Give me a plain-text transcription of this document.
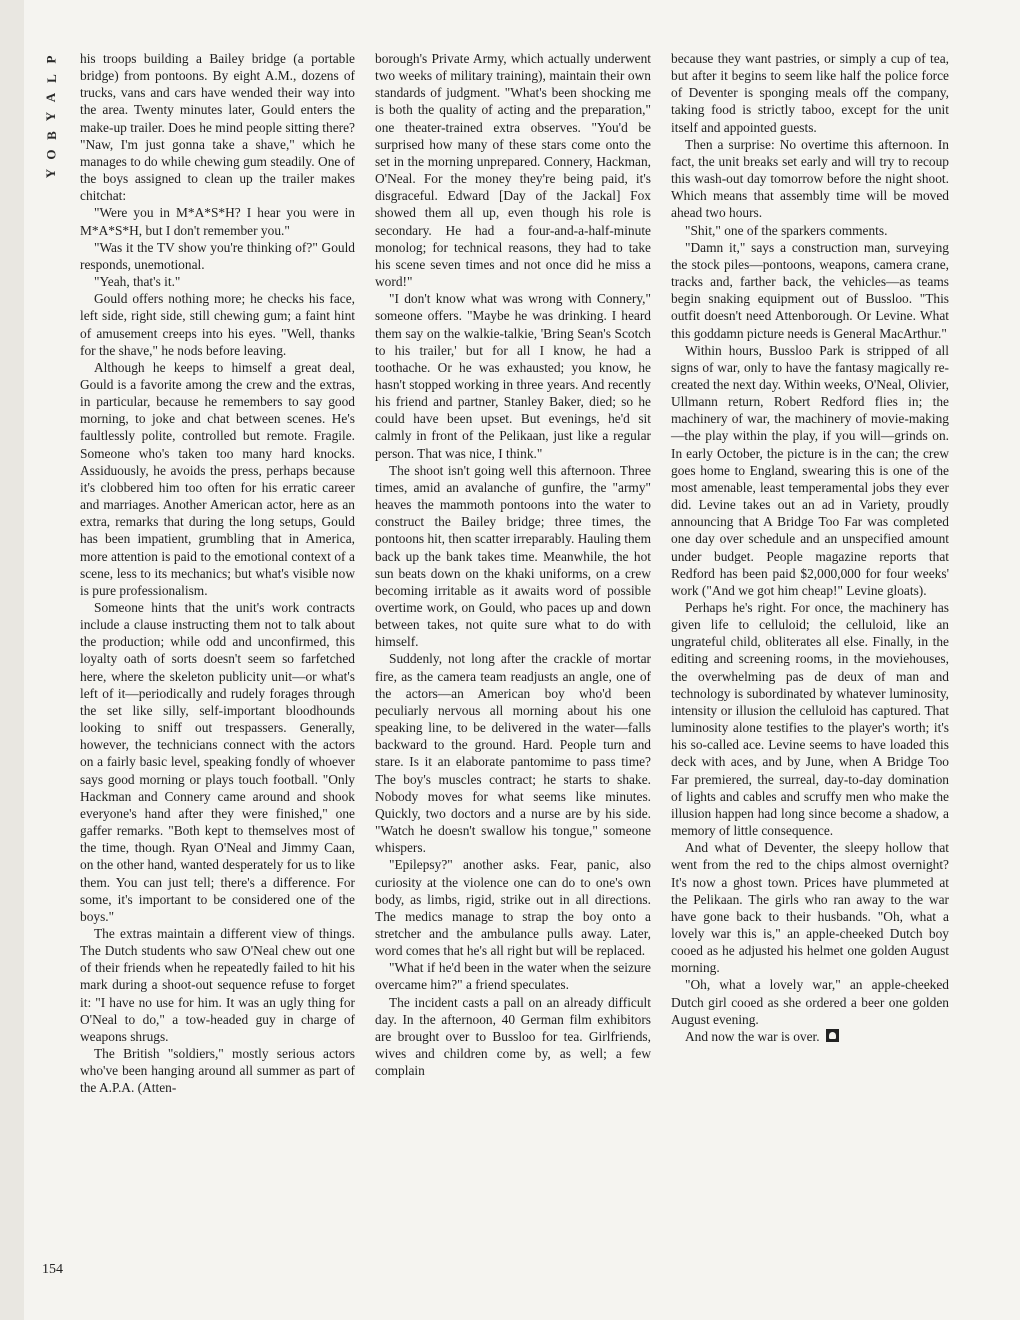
P
L
A
Y
B
O
Y

his troops building a Bailey bridge (a portable bridge) from pontoons. By eight A.M., dozens of trucks, vans and cars have wended their way into the area. Twenty minutes later, Gould enters the make-up trailer. Does he mind people sitting there? "Naw, I'm just gonna take a shave," which he manages to do while chewing gum steadily. One of the boys assigned to clean up the trailer makes chitchat:

"Were you in M*A*S*H? I hear you were in M*A*S*H, but I don't remember you."

"Was it the TV show you're thinking of?" Gould responds, unemotional.

"Yeah, that's it."

Gould offers nothing more; he checks his face, left side, right side, still chewing gum; a faint hint of amusement creeps into his eyes. "Well, thanks for the shave," he nods before leaving.

Although he keeps to himself a great deal, Gould is a favorite among the crew and the extras, in particular, because he remembers to say good morning, to joke and chat between scenes. He's faultlessly polite, controlled but remote. Fragile. Someone who's taken too many hard knocks. Assiduously, he avoids the press, perhaps because it's clobbered him too often for his erratic career and marriages. Another American actor, here as an extra, remarks that during the long setups, Gould has been impatient, grumbling that in America, more attention is paid to the emotional context of a scene, less to its mechanics; but what's visible now is pure professionalism.

Someone hints that the unit's work contracts include a clause instructing them not to talk about the production; while odd and unconfirmed, this loyalty oath of sorts doesn't seem so farfetched here, where the skeleton publicity unit—or what's left of it—periodically and rudely forages through the set like silly, self-important bloodhounds looking to sniff out trespassers. Generally, however, the technicians connect with the actors on a fairly basic level, speaking fondly of whoever says good morning or plays touch football. "Only Hackman and Connery came around and shook everyone's hand after they were finished," one gaffer remarks. "Both kept to themselves most of the time, though. Ryan O'Neal and Jimmy Caan, on the other hand, wanted desperately for us to like them. You can just tell; there's a difference. For some, it's important to be considered one of the boys."

The extras maintain a different view of things. The Dutch students who saw O'Neal chew out one of their friends when he repeatedly failed to hit his mark during a shoot-out sequence refuse to forget it: "I have no use for him. It was an ugly thing for O'Neal to do," a tow-headed guy in charge of weapons shrugs.

The British "soldiers," mostly serious actors who've been hanging around all summer as part of the A.P.A. (Atten-

borough's Private Army, which actually underwent two weeks of military training), maintain their own standards of judgment. "What's been shocking me is both the quality of acting and the preparation," one theater-trained extra observes. "You'd be surprised how many of these stars come onto the set in the morning unprepared. Connery, Hackman, O'Neal. For the money they're being paid, it's disgraceful. Edward [Day of the Jackal] Fox showed them all up, even though his role is secondary. He had a four-and-a-half-minute monolog; for technical reasons, they had to take his scene seven times and not once did he miss a word!"

"I don't know what was wrong with Connery," someone offers. "Maybe he was drinking. I heard them say on the walkie-talkie, 'Bring Sean's Scotch to his trailer,' but for all I know, he had a toothache. Or he was exhausted; you know, he hasn't stopped working in three years. And recently his friend and partner, Stanley Baker, died; so he could have been upset. But evenings, he'd sit calmly in front of the Pelikaan, just like a regular person. That was nice, I think."

The shoot isn't going well this afternoon. Three times, amid an avalanche of gunfire, the "army" heaves the mammoth pontoons into the water to construct the Bailey bridge; three times, the pontoons hit, then scatter irreparably. Hauling them back up the bank takes time. Meanwhile, the hot sun beats down on the khaki uniforms, on a crew becoming irritable as it awaits word of possible overtime work, on Gould, who paces up and down between takes, not quite sure what to do with himself.

Suddenly, not long after the crackle of mortar fire, as the camera team readjusts an angle, one of the actors—an American boy who'd been peculiarly nervous all morning about his one speaking line, to be delivered in the water—falls backward to the ground. Hard. People turn and stare. Is it an elaborate pantomime to pass time? The boy's muscles contract; he starts to shake. Nobody moves for what seems like minutes. Quickly, two doctors and a nurse are by his side. "Watch he doesn't swallow his tongue," someone whispers.

"Epilepsy?" another asks. Fear, panic, also curiosity at the violence one can do to one's own body, as limbs, rigid, strike out in all directions. The medics manage to strap the boy onto a stretcher and the ambulance pulls away. Later, word comes that he's all right but will be replaced.

"What if he'd been in the water when the seizure overcame him?" a friend speculates.

The incident casts a pall on an already difficult day. In the afternoon, 40 German film exhibitors are brought over to Bussloo for tea. Girlfriends, wives and children come by, as well; a few complain

because they want pastries, or simply a cup of tea, but after it begins to seem like half the police force of Deventer is sponging meals off the company, taking food is strictly taboo, except for the unit itself and appointed guests.

Then a surprise: No overtime this afternoon. In fact, the unit breaks set early and will try to recoup this wash-out day tomorrow before the night shoot. Which means that assembly time will be moved ahead two hours.

"Shit," one of the sparkers comments.

"Damn it," says a construction man, surveying the stock piles—pontoons, weapons, camera crane, tracks and, farther back, the vehicles—as teams begin snaking equipment out of Bussloo. "This outfit doesn't need Attenborough. Or Levine. What this goddamn picture needs is General MacArthur."

Within hours, Bussloo Park is stripped of all signs of war, only to have the fantasy magically re-created the next day. Within weeks, O'Neal, Olivier, Ullmann return, Robert Redford flies in; the machinery of war, the machinery of movie-making—the play within the play, if you will—grinds on. In early October, the picture is in the can; the crew goes home to England, swearing this is one of the most amenable, least temperamental jobs they ever did. Levine takes out an ad in Variety, proudly announcing that A Bridge Too Far was completed one day over schedule and an unspecified amount under budget. People magazine reports that Redford has been paid $2,000,000 for four weeks' work ("And we got him cheap!" Levine gloats).

Perhaps he's right. For once, the machinery has given life to celluloid; the celluloid, like an ungrateful child, obliterates all else. Finally, in the editing and screening rooms, in the moviehouses, the overwhelming pas de deux of man and technology is subordinated by whatever luminosity, intensity or illusion the celluloid has captured. That luminosity alone testifies to the player's worth; it's his so-called ace. Levine seems to have loaded this deck with aces, and by June, when A Bridge Too Far premiered, the surreal, day-to-day domination of lights and cables and scruffy men who make the illusion happen had long since become a shadow, a memory of little consequence.

And what of Deventer, the sleepy hollow that went from the red to the chips almost overnight? It's now a ghost town. Prices have plummeted at the Pelikaan. The girls who ran away to the war have gone back to their husbands. "Oh, what a lovely war this is," an apple-cheeked Dutch boy cooed as he adjusted his helmet one golden August morning.

"Oh, what a lovely war," an apple-cheeked Dutch girl cooed as she ordered a beer one golden August evening.

And now the war is over.

154
